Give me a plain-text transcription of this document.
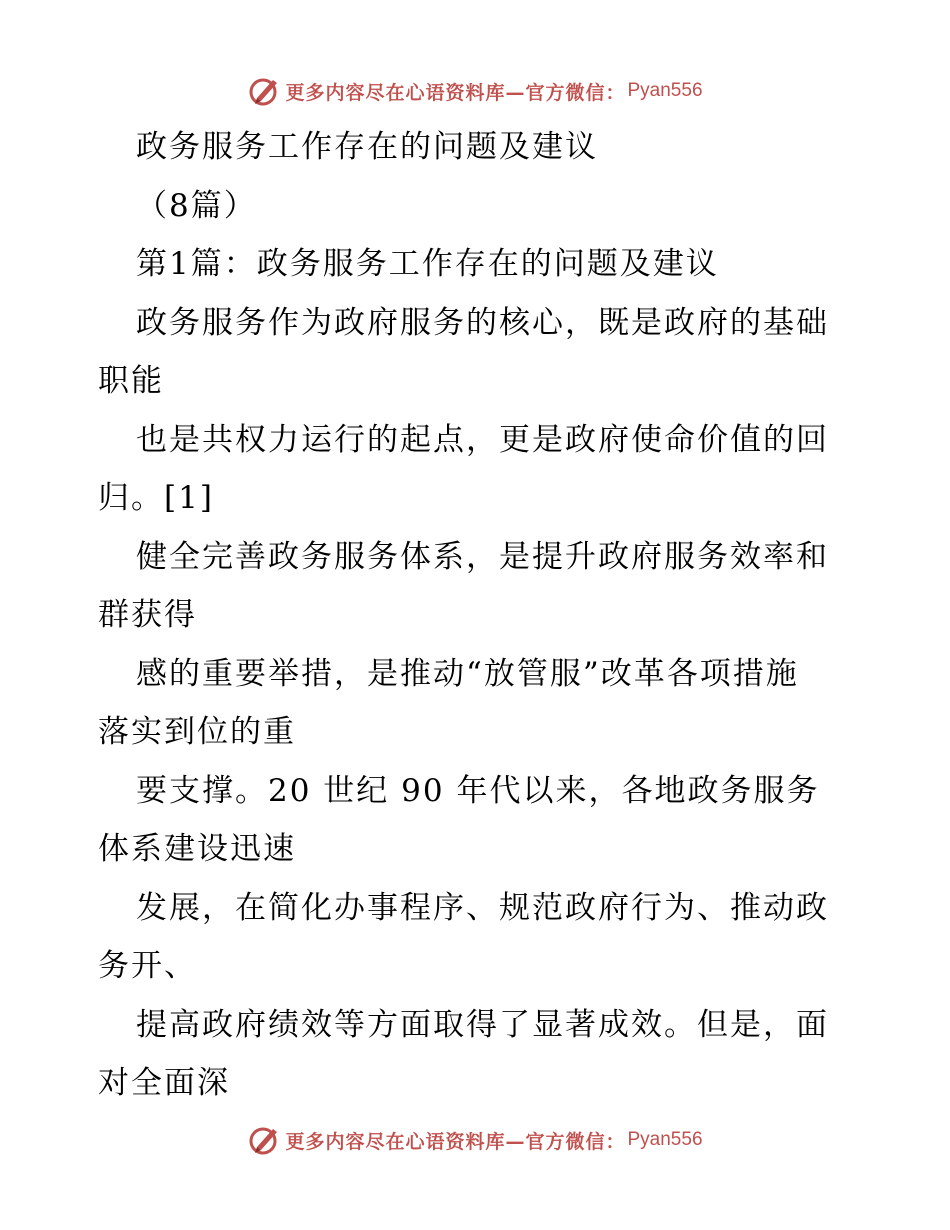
更多内容尽在心语资料库—官方微信： Pyan556
政务服务工作存在的问题及建议
（8篇）
第1篇：政务服务工作存在的问题及建议
政务服务作为政府服务的核心，既是政府的基础
职能
也是共权力运行的起点，更是政府使命价值的回
归。[1]
健全完善政务服务体系，是提升政府服务效率和
群获得
感的重要举措，是推动“放管服”改革各项措施
落实到位的重
要支撑。20 世纪 90 年代以来，各地政务服务
体系建设迅速
发展，在简化办事程序、规范政府行为、推动政
务开、
提高政府绩效等方面取得了显著成效。但是，面
对全面深
更多内容尽在心语资料库—官方微信： Pyan556
